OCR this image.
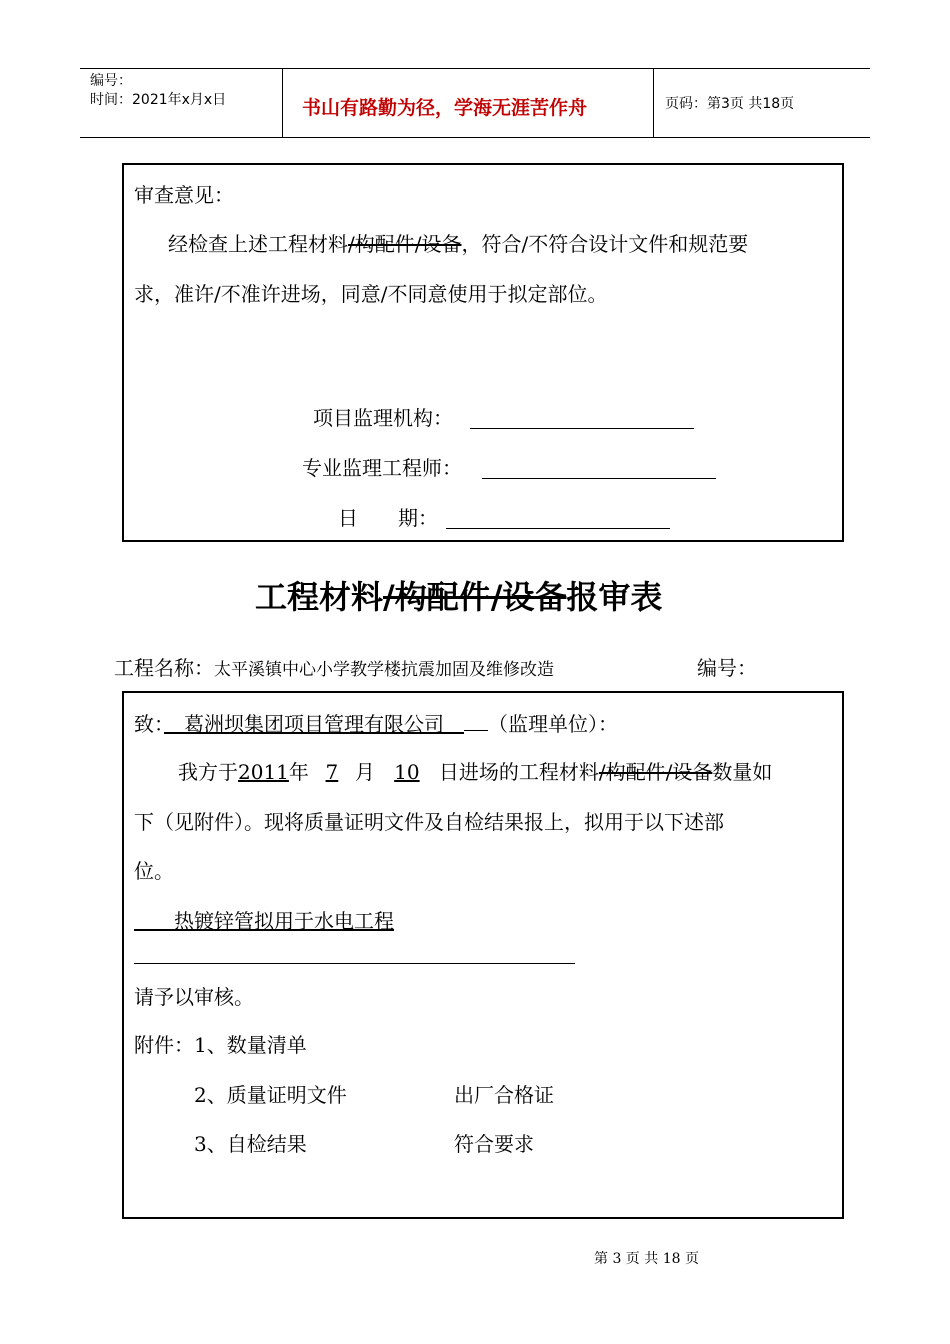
编号：
时间：2021年x月x日	书山有路勤为径，学海无涯苦作舟	页码：第3页 共18页
审查意见：
经检查上述工程材料/构配件/设备，符合/不符合设计文件和规范要
求，准许/不准许进场，同意/不同意使用于拟定部位。
项目监理机构：
专业监理工程师：
日　　期：
工程材料/构配件/设备报审表
工程名称：太平溪镇中心小学教学楼抗震加固及维修改造	编号：
致：　葛洲坝集团项目管理有限公司　（监理单位）：
我方于2011年 7 月 10 日进场的工程材料/构配件/设备数量如
下（见附件）。现将质量证明文件及自检结果报上，拟用于以下述部
位。
　　热镀锌管拟用于水电工程
请予以审核。
附件：1、数量清单
2、质量证明文件	出厂合格证
3、自检结果	符合要求
第 3 页 共 18 页
